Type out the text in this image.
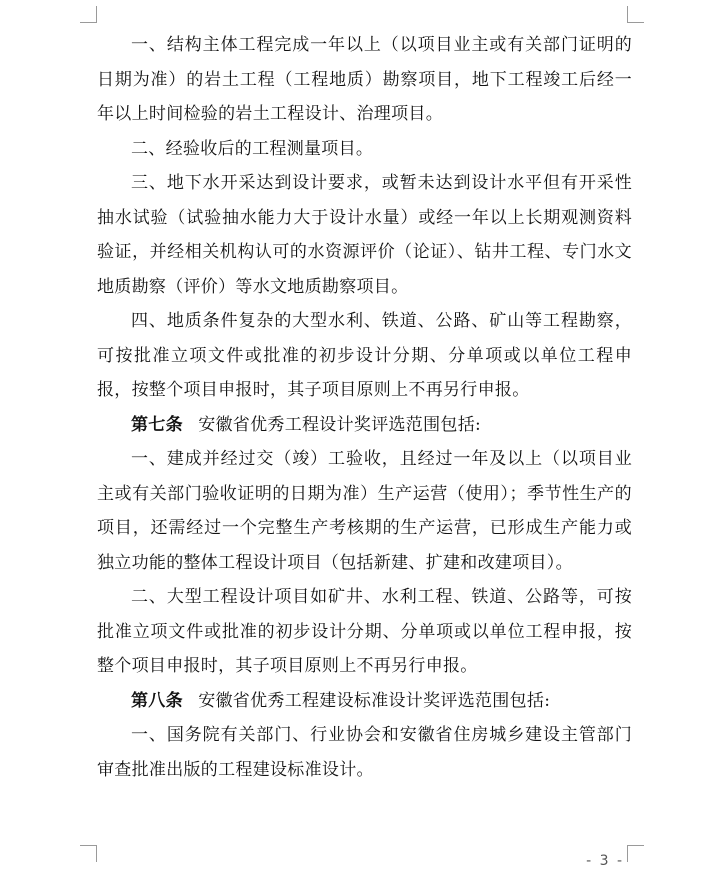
一、结构主体工程完成一年以上（以项目业主或有关部门证明的日期为准）的岩土工程（工程地质）勘察项目，地下工程竣工后经一年以上时间检验的岩土工程设计、治理项目。

二、经验收后的工程测量项目。

三、地下水开采达到设计要求，或暂未达到设计水平但有开采性抽水试验（试验抽水能力大于设计水量）或经一年以上长期观测资料验证，并经相关机构认可的水资源评价（论证）、钻井工程、专门水文地质勘察（评价）等水文地质勘察项目。

四、地质条件复杂的大型水利、铁道、公路、矿山等工程勘察，可按批准立项文件或批准的初步设计分期、分单项或以单位工程申报，按整个项目申报时，其子项目原则上不再另行申报。

第七条 安徽省优秀工程设计奖评选范围包括:

一、建成并经过交（竣）工验收，且经过一年及以上（以项目业主或有关部门验收证明的日期为准）生产运营（使用）；季节性生产的项目，还需经过一个完整生产考核期的生产运营，已形成生产能力或独立功能的整体工程设计项目（包括新建、扩建和改建项目）。

二、大型工程设计项目如矿井、水利工程、铁道、公路等，可按批准立项文件或批准的初步设计分期、分单项或以单位工程申报，按整个项目申报时，其子项目原则上不再另行申报。

第八条 安徽省优秀工程建设标准设计奖评选范围包括:

一、国务院有关部门、行业协会和安徽省住房城乡建设主管部门审查批准出版的工程建设标准设计。

- 3 -
